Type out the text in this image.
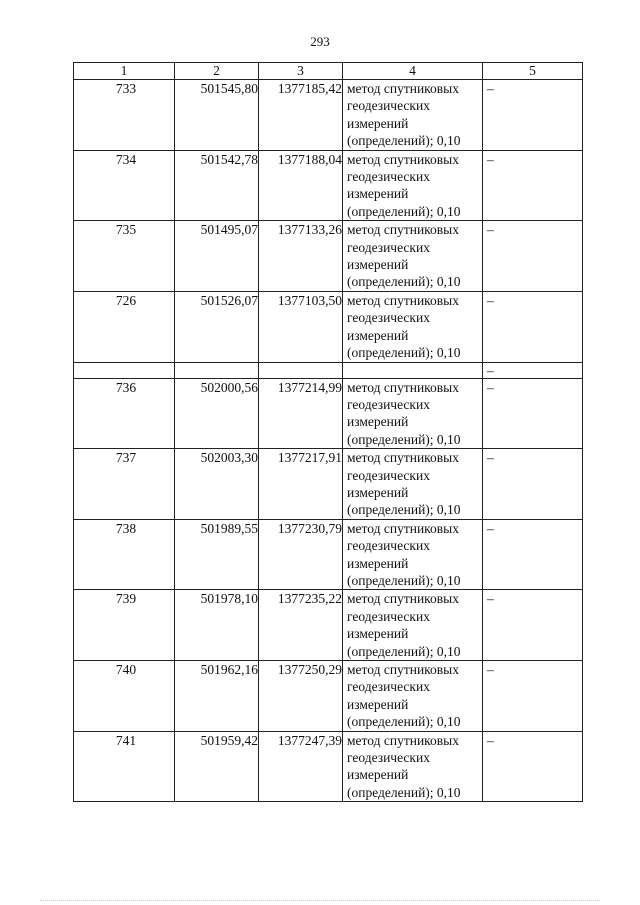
293
1	2	3	4	5
733	501545,80	1377185,42	метод спутниковых геодезических измерений (определений); 0,10	–
734	501542,78	1377188,04	метод спутниковых геодезических измерений (определений); 0,10	–
735	501495,07	1377133,26	метод спутниковых геодезических измерений (определений); 0,10	–
726	501526,07	1377103,50	метод спутниковых геодезических измерений (определений); 0,10	–
				–
736	502000,56	1377214,99	метод спутниковых геодезических измерений (определений); 0,10	–
737	502003,30	1377217,91	метод спутниковых геодезических измерений (определений); 0,10	–
738	501989,55	1377230,79	метод спутниковых геодезических измерений (определений); 0,10	–
739	501978,10	1377235,22	метод спутниковых геодезических измерений (определений); 0,10	–
740	501962,16	1377250,29	метод спутниковых геодезических измерений (определений); 0,10	–
741	501959,42	1377247,39	метод спутниковых геодезических измерений (определений); 0,10	–
